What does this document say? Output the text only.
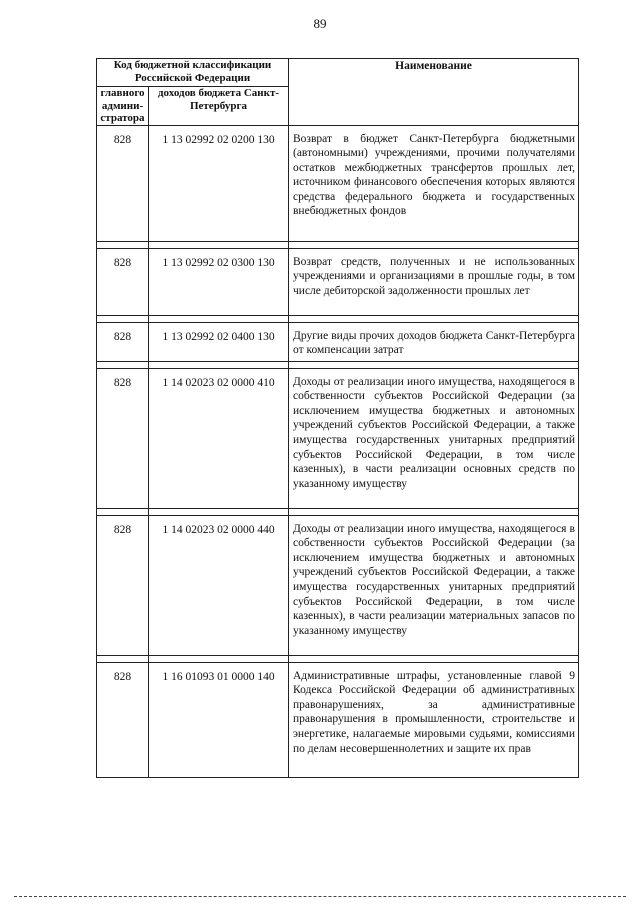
89
Код бюджетной классификации Российской Федерации		Наименование
главного админи-стратора	доходов бюджета Санкт-Петербурга	
828	1 13 02992 02 0200 130	Возврат в бюджет Санкт-Петербурга бюджетными (автономными) учреждениями, прочими получателями остатков межбюджетных трансфертов прошлых лет, источником финансового обеспечения которых являются средства федерального бюджета и государственных внебюджетных фондов

828	1 13 02992 02 0300 130	Возврат средств, полученных и не использованных учреждениями и организациями в прошлые годы, в том числе дебиторской задолженности прошлых лет

828	1 13 02992 02 0400 130	Другие виды прочих доходов бюджета Санкт-Петербурга от компенсации затрат

828	1 14 02023 02 0000 410	Доходы от реализации иного имущества, находящегося в собственности субъектов Российской Федерации (за исключением имущества бюджетных и автономных учреждений субъектов Российской Федерации, а также имущества государственных унитарных предприятий субъектов Российской Федерации, в том числе казенных), в части реализации основных средств по указанному имуществу

828	1 14 02023 02 0000 440	Доходы от реализации иного имущества, находящегося в собственности субъектов Российской Федерации (за исключением имущества бюджетных и автономных учреждений субъектов Российской Федерации, а также имущества государственных унитарных предприятий субъектов Российской Федерации, в том числе казенных), в части реализации материальных запасов по указанному имуществу

828	1 16 01093 01 0000 140	Административные штрафы, установленные главой 9 Кодекса Российской Федерации об административных правонарушениях, за административные правонарушения в промышленности, строительстве и энергетике, налагаемые мировыми судьями, комиссиями по делам несовершеннолетних и защите их прав
